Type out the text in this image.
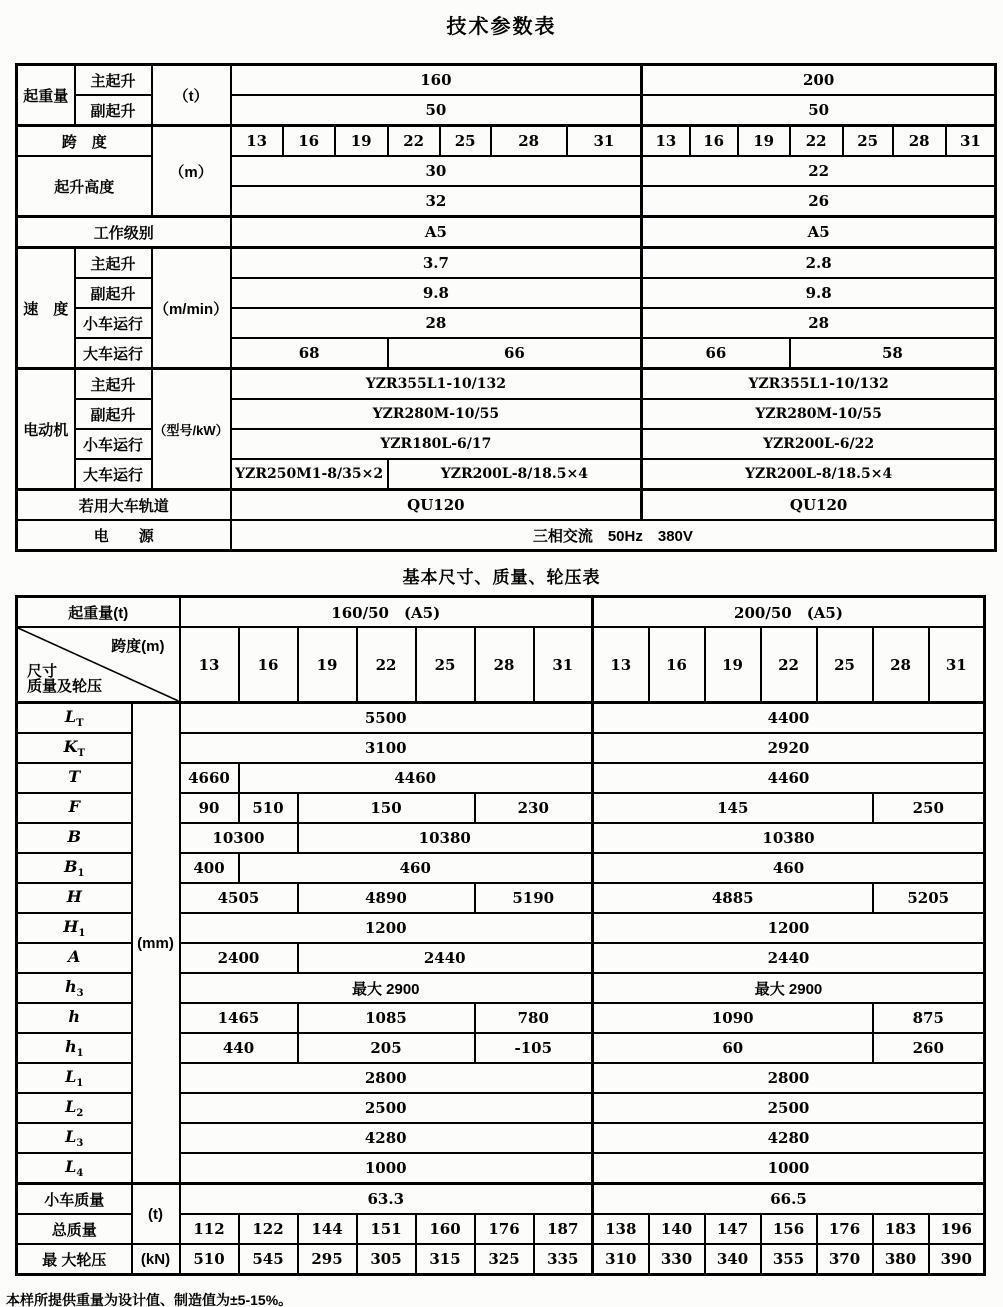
技术参数表
起重量	主起升	（t）	160							200						
	副起升		50							50						
跨　度		（m）	13	16	19	22	25	28	31	13	16	19	22	25	28	31
起升高度			30							22						
			32							26						
工作级别			A5							A5						
速　度	主起升	（m/min）	3.7							2.8						
	副起升		9.8							9.8						
	小车运行		28							28						
	大车运行		68			66				66			58			
电动机	主起升	（型号/kW）	YZR355L1-10/132							YZR355L1-10/132						
	副起升		YZR280M-10/55							YZR280M-10/55						
	小车运行		YZR180L-6/17							YZR200L-6/22						
	大车运行		YZR250M1-8/35×2			YZR200L-8/18.5×4				YZR200L-8/18.5×4						
若用大车轨道			QU120							QU120						
电　　源			三相交流　50Hz　380V													
基本尺寸、质量、轮压表
起重量(t)		160/50　(A5)							200/50　(A5)						

跨度(m)
尺寸
质量及轮压		13	16	19	22	25	28	31	13	16	19	22	25	28	31
$L_T$	(mm)	5500							4400						
$K_T$		3100							2920						
T		4660	4460						4460						
F		90	510	150			230		145					250	
B		10300		10380					10380						
$B_1$		400	460						460						
H		4505		4890			5190		4885					5205	
$H_1$		1200							1200						
A		2400		2440					2440						
$h_3$		最大 2900							最大 2900						
h		1465		1085			780		1090					875	
$h_1$		440		205			-105		60					260	
$L_1$		2800							2800						
$L_2$		2500							2500						
$L_3$		4280							4280						
$L_4$		1000							1000						
小车质量	(t)	63.3							66.5						
总质量		112	122	144	151	160	176	187	138	140	147	156	176	183	196
最 大轮压	(kN)	510	545	295	305	315	325	335	310	330	340	355	370	380	390

本样所提供重量为设计值、制造值为±5-15%。
